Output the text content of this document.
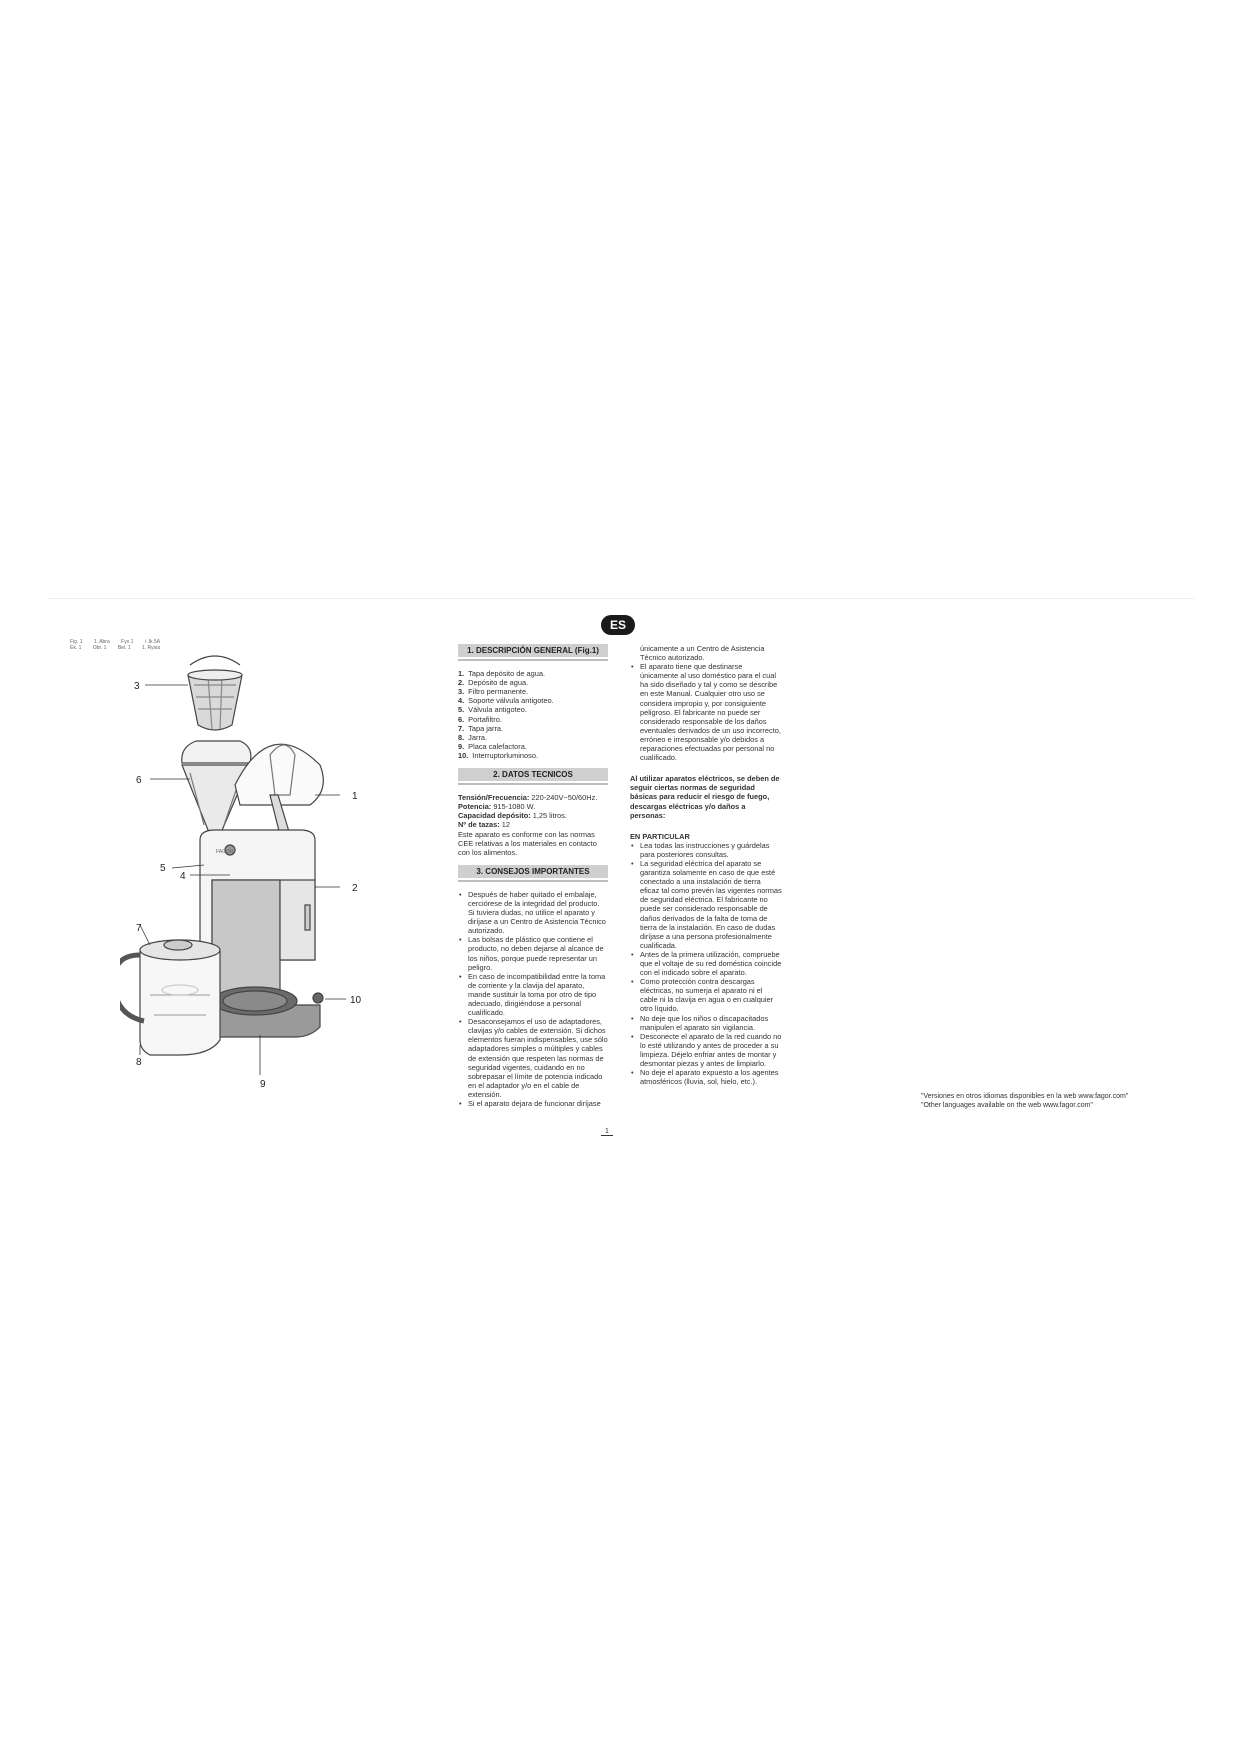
Fig. 1 1. Abra Fyx 1 i .Ik.5A
Ek. 1 Obr. 1 Bel. 1 1. Rysia
1
2
3
4
5
6
7
8
9
10
FAGOR
ES
1. DESCRIPCIÓN GENERAL (Fig.1)
1. Tapa depósito de agua.
2. Depósito de agua.
3. Filtro permanente.
4. Soporte válvula antigoteo.
5. Válvula antigoteo.
6. Portafiltro.
7. Tapa jarra.
8. Jarra.
9. Placa calefactora.
10. Interruptorluminoso.
2. DATOS TECNICOS

Tensión/Frecuencia: 220-240V~50/60Hz.

Potencia: 915-1080 W.

Capacidad depósito: 1,25 litros.

Nº de tazas: 12

Este aparato es conforme con las normas CEE relativas a los materiales en contacto con los alimentos.

3. CONSEJOS IMPORTANTES
• Después de haber quitado el embalaje, cerciórese de la integridad del producto. Si tuviera dudas, no utilice el aparato y diríjase a un Centro de Asistencia Técnico autorizado.
• Las bolsas de plástico que contiene el producto, no deben dejarse al alcance de los niños, porque puede representar un peligro.
• En caso de incompatibilidad entre la toma de corriente y la clavija del aparato, mande sustituir la toma por otro de tipo adecuado, dirigiéndose a personal cualificado.
• Desaconsejamos el uso de adaptadores, clavijas y/o cables de extensión. Si dichos elementos fueran indispensables, use sólo adaptadores simples o múltiples y cables de extensión que respeten las normas de seguridad vigentes, cuidando en no sobrepasar el límite de potencia indicado en el adaptador y/o en el cable de extensión.
• Si el aparato dejara de funcionar diríjase

únicamente a un Centro de Asistencia Técnico autorizado.

• El aparato tiene que destinarse únicamente al uso doméstico para el cual ha sido diseñado y tal y como se describe en este Manual. Cualquier otro uso se considera impropio y, por consiguiente peligroso. El fabricante no puede ser considerado responsable de los daños eventuales derivados de un uso incorrecto, erróneo e irresponsable y/o debidos a reparaciones efectuadas por personal no cualificado.

Al utilizar aparatos eléctricos, se deben de seguir ciertas normas de seguridad básicas para reducir el riesgo de fuego, descargas eléctricas y/o daños a personas:

EN PARTICULAR

• Lea todas las instrucciones y guárdelas para posteriores consultas.
• La seguridad eléctrica del aparato se garantiza solamente en caso de que esté conectado a una instalación de tierra eficaz tal como prevén las vigentes normas de seguridad eléctrica. El fabricante no puede ser considerado responsable de daños derivados de la falta de toma de tierra de la instalación. En caso de dudas diríjase a una persona profesionalmente cualificada.
• Antes de la primera utilización, compruebe que el voltaje de su red doméstica coincide con el indicado sobre el aparato.
• Como protección contra descargas eléctricas, no sumerja el aparato ni el cable ni la clavija en agua o en cualquier otro líquido.
• No deje que los niños o discapacitados manipulen el aparato sin vigilancia.
• Desconecte el aparato de la red cuando no lo esté utilizando y antes de proceder a su limpieza. Déjelo enfriar antes de montar y desmontar piezas y antes de limpiarlo.
• No deje el aparato expuesto a los agentes atmosféricos (lluvia, sol, hielo, etc.).
1
"Versiones en otros idiomas disponibles en la web www.fagor.com"
"Other languages available on the web www.fagor.com"
